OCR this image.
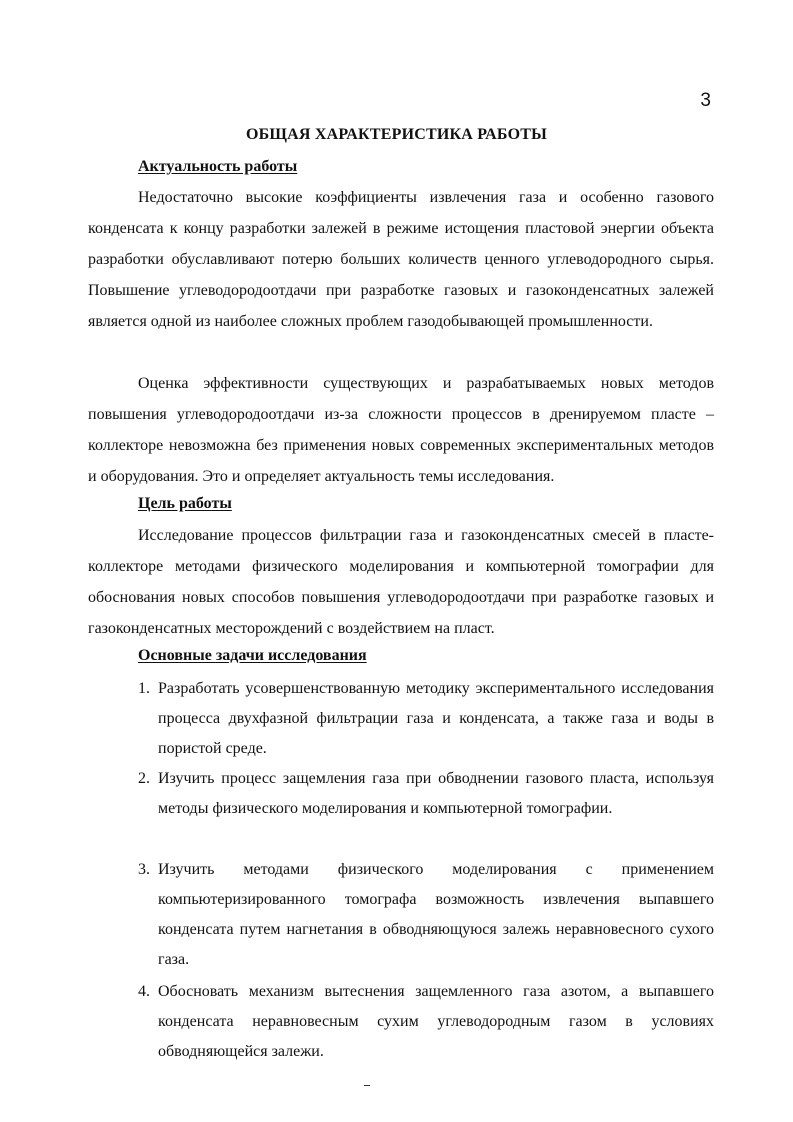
3
ОБЩАЯ ХАРАКТЕРИСТИКА РАБОТЫ
Актуальность работы

Недостаточно высокие коэффициенты извлечения газа и особенно газового конденсата к концу разработки залежей в режиме истощения пластовой энергии объекта разработки обуславливают потерю больших количеств ценного углеводородного сырья. Повышение углеводородоотдачи при разработке газовых и газоконденсатных залежей является одной из наиболее сложных проблем газодобывающей промышленности.

Оценка эффективности существующих и разрабатываемых новых методов повышения углеводородоотдачи из-за сложности процессов в дренируемом пласте – коллекторе невозможна без применения новых современных экспериментальных методов и оборудования. Это и определяет актуальность темы исследования.

Цель работы

Исследование процессов фильтрации газа и газоконденсатных смесей в пласте-коллекторе методами физического моделирования и компьютерной томографии для обоснования новых способов повышения углеводородоотдачи при разработке газовых и газоконденсатных месторождений с воздействием на пласт.

Основные задачи исследования
1. Разработать усовершенствованную методику экспериментального исследования процесса двухфазной фильтрации газа и конденсата, а также газа и воды в пористой среде.

2. Изучить процесс защемления газа при обводнении газового пласта, используя методы физического моделирования и компьютерной томографии.

3. Изучить методами физического моделирования с применением компьютеризированного томографа возможность извлечения выпавшего конденсата путем нагнетания в обводняющуюся залежь неравновесного сухого газа.

4. Обосновать механизм вытеснения защемленного газа азотом, а выпавшего конденсата неравновесным сухим углеводородным газом в условиях обводняющейся залежи.
